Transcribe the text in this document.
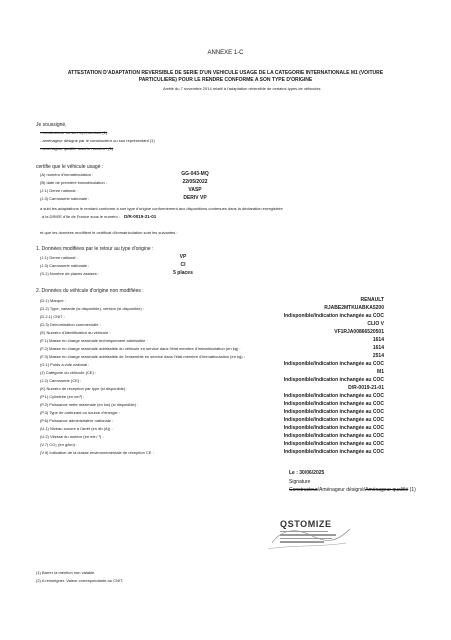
ANNEXE 1-C
ATTESTATION D'ADAPTATION REVERSIBLE DE SERIE D'UN VEHICULE USAGE DE LA CATEGORIE INTERNATIONALE M1 (VOITURE
PARTICULIERE) POUR LE RENDRE CONFORME A SON TYPE D'ORIGINE
Arrêté du 7 novembre 2014 relatif à l'adaptation réversible de certains types de véhicules
Je soussigné,
- constructeur ou son représentant (1)
- aménageur désigné par le constructeur ou son représentant (1)
- aménageur qualifié sous le numéro : (1)
certifie que le véhicule usagé :
(A) numéro d'immatriculation :	GG-043-MQ
(B) date de première immatriculation :	22/05/2022
(J.1) Genre national :	VASP
(J.3) Carrosserie nationale :	DERIV VP
a subi les adaptations le rendant conforme à son type d'origine conformément aux dispositions contenues dans la déclaration enregistrée
à la DRIEE d'Ile de France sous le numéro : D/R-0019-21-01
et que les données modifient le certificat d'immatriculation sont les suivantes :
1. Données modifiées par le retour au type d'origine :
(J.1) Genre national :	VP
(J.3) Carrosserie nationale :	CI
(S.1) Nombre de places assises :	5 places
2. Données du véhicule d'origine non modifiées :
(D.1) Marque :	RENAULT
(D.2) Type, variante (si disponible), version (si disponible) :	RJABE2MTKUABKA5200
(D.2.1) CNIT :	Indisponible/Indication inchangée au COC
(D.3) Dénomination commerciale :	CLIO V
(E) Numéro d'identification du véhicule :	VF1RJA00866520501
(F.1) Masse en charge maximale techniquement admissible :	1614
(F.2) Masse en charge maximale admissible du véhicule en service dans l'état membre d'immatriculation (en kg) :	1614
(F.3) Masse en charge maximale admissible de l'ensemble en service dans l'état membre d'immatriculation (en kg) :	2514
(G.1) Poids à vide national :	Indisponible/Indication inchangée au COC
(J) Catégorie du véhicule (CE) :	M1
(J.2) Carrosserie (CE) :	Indisponible/Indication inchangée au COC
(K) Numéro de réception par type (si disponible) :	D/R-0019-21-01
(P.1) Cylindrée (en cm³) :	Indisponible/Indication inchangée au COC
(P.2) Puissance nette maximale (en kw) (si disponible) :	Indisponible/Indication inchangée au COC
(P.3) Type de carburant ou source d'énergie :	Indisponible/Indication inchangée au COC
(P.6) Puissance administrative nationale :	Indisponible/Indication inchangée au COC
(U.1) Niveau sonore à l'arrêt (en db (A)) :	Indisponible/Indication inchangée au COC
(U.2) Vitesse du moteur (en min⁻¹) :	Indisponible/Indication inchangée au COC
(V.7) CO₂ (en g/km) :	Indisponible/Indication inchangée au COC
(V.9) Indication de la classe environnementale de réception CE :	Indisponible/Indication inchangée au COC
Le : 30/06/2025
Signature
Constructeur/Aménageur désigné/Aménageur qualifié (1)
QSTOMIZE
(1) Barrer la mention non valable.
(2) A renseigner. Valeur correspondante au CNIT.
